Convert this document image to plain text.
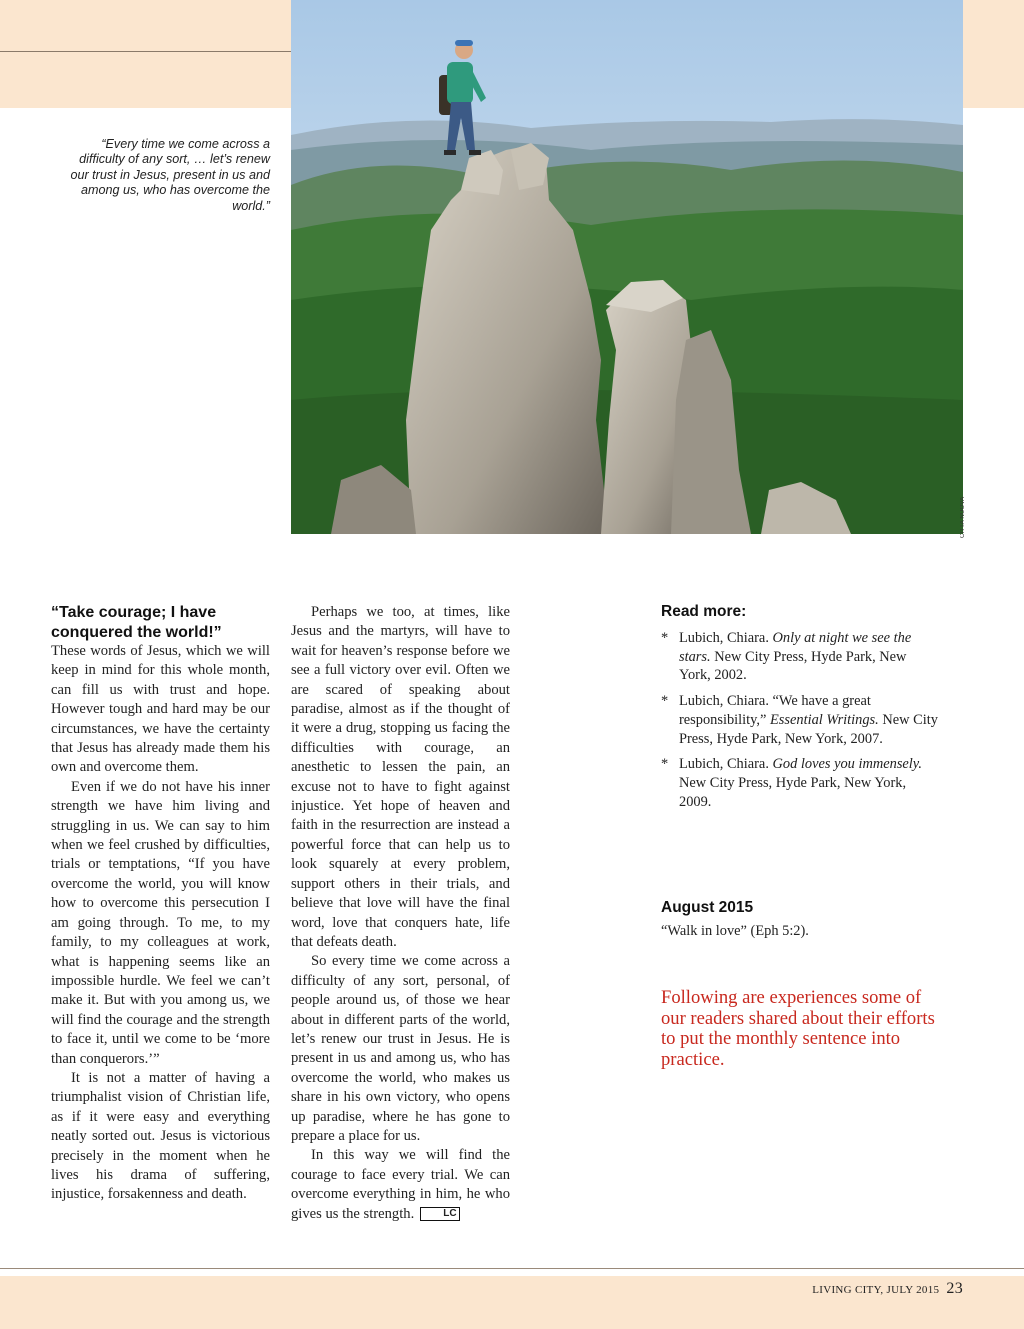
CITTA NUOVA
“Every time we come across a difficulty of any sort, … let’s renew our trust in Jesus, present in us and among us, who has overcome the world.”
“Take courage; I have conquered the world!”

These words of Jesus, which we will keep in mind for this whole month, can fill us with trust and hope. However tough and hard may be our circumstances, we have the certainty that Jesus has already made them his own and overcome them.

Even if we do not have his inner strength we have him living and struggling in us. We can say to him when we feel crushed by difficulties, trials or temptations, “If you have overcome the world, you will know how to overcome this persecution I am going through. To me, to my family, to my colleagues at work, what is happening seems like an impossible hurdle. We feel we can’t make it. But with you among us, we will find the courage and the strength to face it, until we come to be ‘more than conquerors.’”

It is not a matter of having a triumphalist vision of Christian life, as if it were easy and everything neatly sorted out. Jesus is victorious precisely in the moment when he lives his drama of suffering, injustice, forsakenness and death.

Perhaps we too, at times, like Jesus and the martyrs, will have to wait for heaven’s response before we see a full victory over evil. Often we are scared of speaking about paradise, almost as if the thought of it were a drug, stopping us facing the difficulties with courage, an anesthetic to lessen the pain, an excuse not to have to fight against injustice. Yet hope of heaven and faith in the resurrection are instead a powerful force that can help us to look squarely at every problem, support others in their trials, and believe that love will have the final word, love that conquers hate, life that defeats death.

So every time we come across a difficulty of any sort, personal, of people around us, of those we hear about in different parts of the world, let’s renew our trust in Jesus. He is present in us and among us, who has overcome the world, who makes us share in his own victory, who opens up paradise, where he has gone to prepare a place for us.

In this way we will find the courage to face every trial. We can overcome everything in him, he who gives us the strength.	LC

Read more:
* Lubich, Chiara. Only at night we see the stars. New City Press, Hyde Park, New York, 2002.
* Lubich, Chiara. “We have a great responsibility,” Essential Writings. New City Press, Hyde Park, New York, 2007.
* Lubich, Chiara. God loves you immensely. New City Press, Hyde Park, New York, 2009.
August 2015

“Walk in love” (Eph 5:2).

Following are experiences some of our readers shared about their efforts to put the monthly sentence into practice.
LIVING CITY, JULY 2015 23
